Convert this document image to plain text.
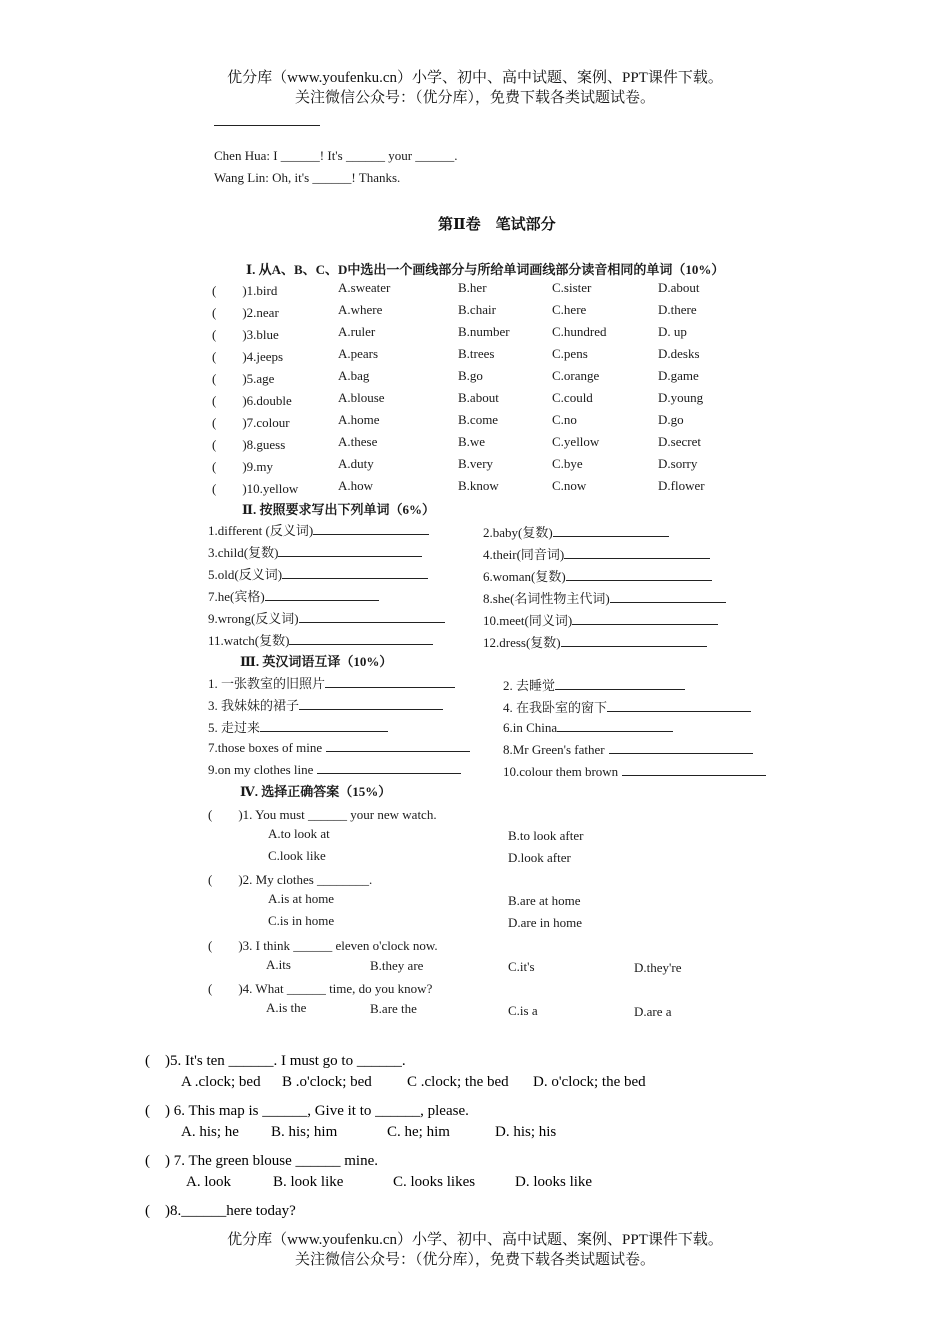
优分库（www.youfenku.cn）小学、初中、高中试题、案例、PPT课件下载。
关注微信公众号：（优分库），免费下载各类试题试卷。
Chen Hua: I ______! It's ______ your ______.
Wang Lin: Oh, it's ______! Thanks.
第Ⅱ卷　笔试部分
Ⅰ. 从A、B、C、D中选出一个画线部分与所给单词画线部分读音相同的单词（10%）
(　　)1.bird	A.sweater	B.her	C.sister	D.about
(　　)2.near	A.where	B.chair	C.here	D.there
(　　)3.blue	A.ruler	B.number	C.hundred	D. up
(　　)4.jeeps	A.pears	B.trees	C.pens	D.desks
(　　)5.age	A.bag	B.go	C.orange	D.game
(　　)6.double	A.blouse	B.about	C.could	D.young
(　　)7.colour	A.home	B.come	C.no	D.go
(　　)8.guess	A.these	B.we	C.yellow	D.secret
(　　)9.my	A.duty	B.very	C.bye	D.sorry
(　　)10.yellow	A.how	B.know	C.now	D.flower
Ⅱ. 按照要求写出下列单词（6%）
1.different (反义词)	2.baby(复数)
3.child(复数)	4.their(同音词)
5.old(反义词)	6.woman(复数)
7.he(宾格)	8.she(名词性物主代词)
9.wrong(反义词)	10.meet(同义词)
11.watch(复数)	12.dress(复数)
Ⅲ. 英汉词语互译（10%）
1. 一张教室的旧照片	2. 去睡觉
3. 我妹妹的裙子	4. 在我卧室的窗下
5. 走过来	6.in China
7.those boxes of mine	8.Mr Green's father
9.on my clothes line	10.colour them brown
Ⅳ. 选择正确答案（15%）
(　　)1. You must ______ your new watch.
A.to look at	B.to look after
C.look like	D.look after
(　　)2. My clothes ________.
A.is at home	B.are at home
C.is in home	D.are in home
(　　)3. I think ______ eleven o'clock now.
A.its	B.they are	C.it's	D.they're
(　　)4. What ______ time, do you know?
A.is the	B.are the	C.is a	D.are a
(　)5. It's ten ______. I must go to ______.
A .clock; bed B .o'clock; bed C .clock; the bed D. o'clock; the bed
(　) 6. This map is ______, Give it to ______, please.
A. his; he B. his; him	C. he; him	D. his; his
(　) 7. The green blouse ______ mine.
A. look	B. look like	C. looks likes	D. looks like
(　)8.______here today?
优分库（www.youfenku.cn）小学、初中、高中试题、案例、PPT课件下载。
关注微信公众号：（优分库），免费下载各类试题试卷。
